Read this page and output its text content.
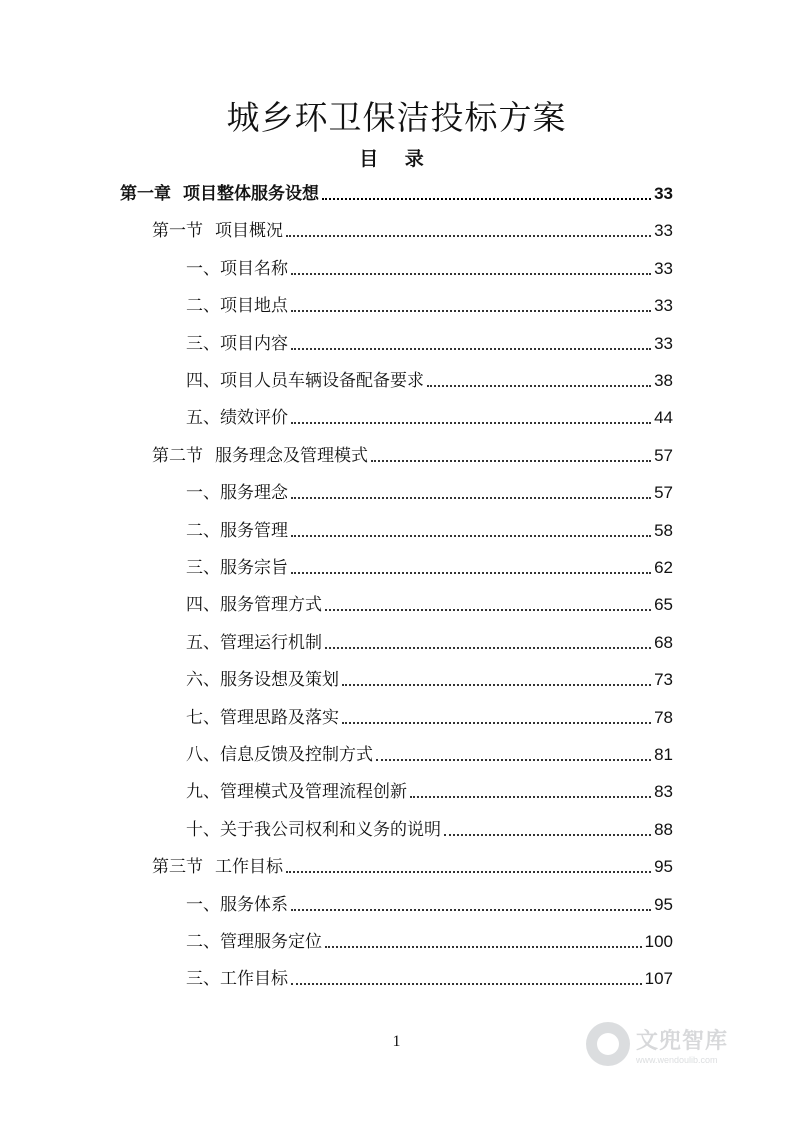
城乡环卫保洁投标方案
目 录
第一章 项目整体服务设想	33
第一节 项目概况	33
一、项目名称	33
二、项目地点	33
三、项目内容	33
四、项目人员车辆设备配备要求	38
五、绩效评价	44
第二节 服务理念及管理模式	57
一、服务理念	57
二、服务管理	58
三、服务宗旨	62
四、服务管理方式	65
五、管理运行机制	68
六、服务设想及策划	73
七、管理思路及落实	78
八、信息反馈及控制方式	81
九、管理模式及管理流程创新	83
十、关于我公司权利和义务的说明	88
第三节 工作目标	95
一、服务体系	95
二、管理服务定位	100
三、工作目标	107
1	文兜智库
www.wendoulib.com
